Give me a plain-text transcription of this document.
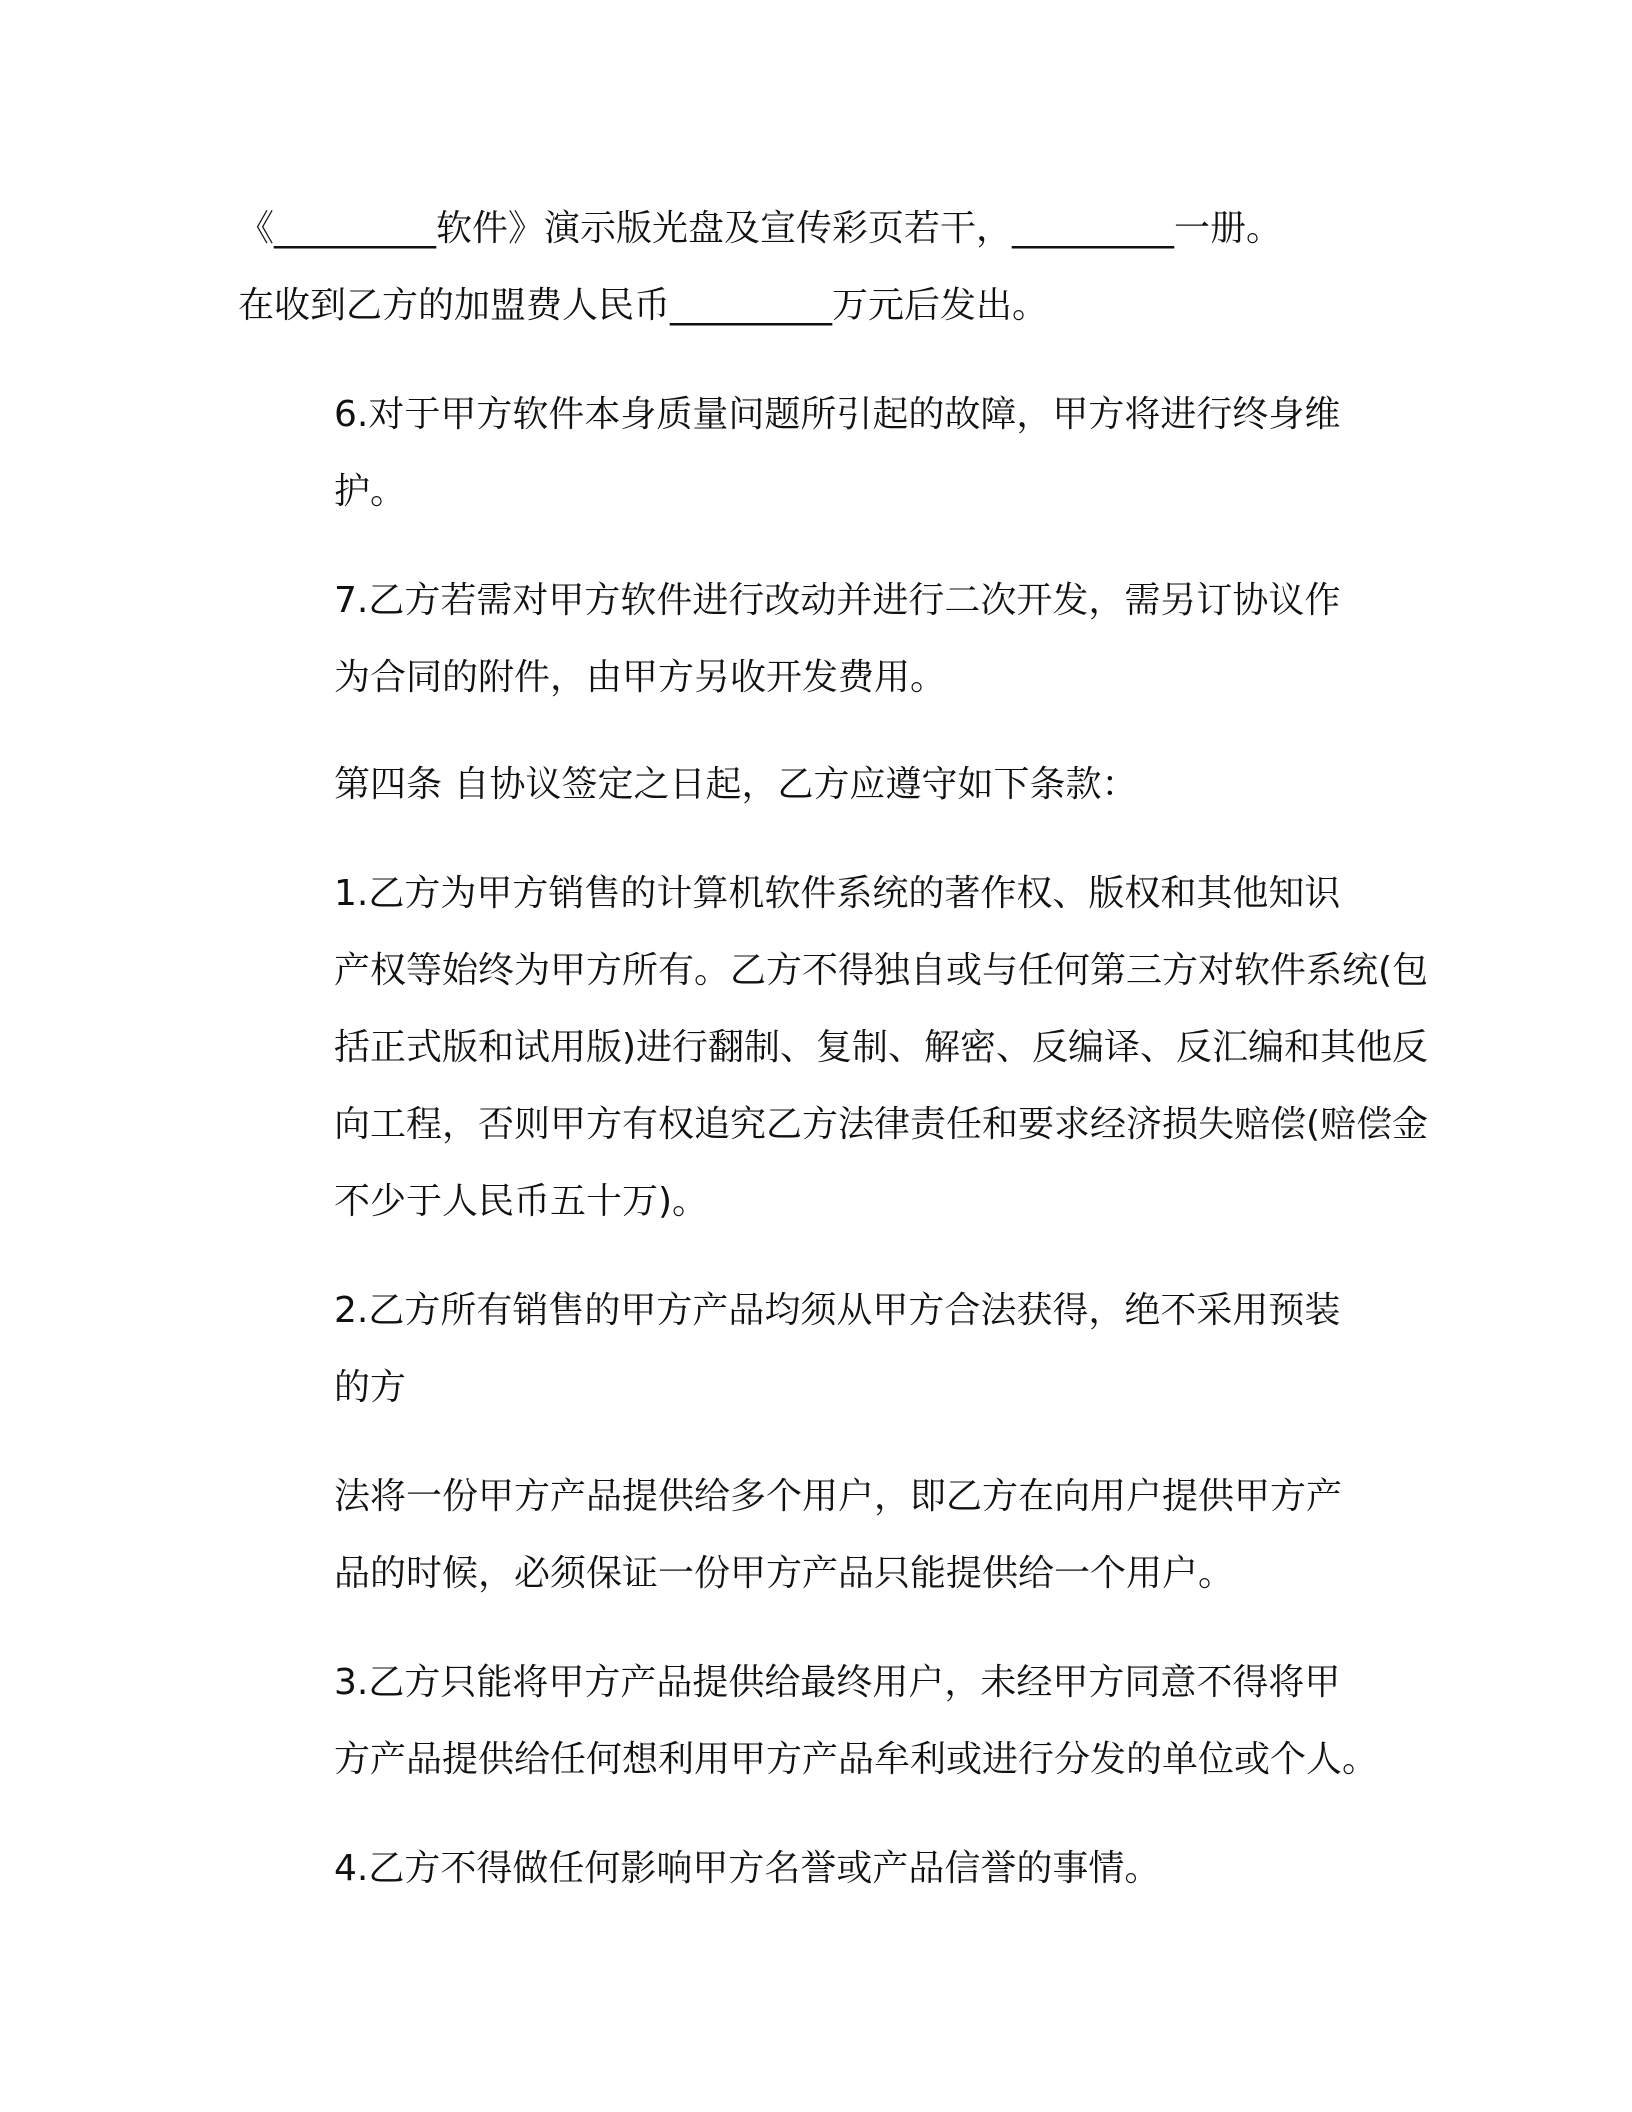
《_________软件》演示版光盘及宣传彩页若干，_________一册。
在收到乙方的加盟费人民币_________万元后发出。

6.对于甲方软件本身质量问题所引起的故障，甲方将进行终身维
护。

7.乙方若需对甲方软件进行改动并进行二次开发，需另订协议作
为合同的附件，由甲方另收开发费用。

第四条 自协议签定之日起，乙方应遵守如下条款：

1.乙方为甲方销售的计算机软件系统的著作权、版权和其他知识
产权等始终为甲方所有。乙方不得独自或与任何第三方对软件系统(包
括正式版和试用版)进行翻制、复制、解密、反编译、反汇编和其他反
向工程，否则甲方有权追究乙方法律责任和要求经济损失赔偿(赔偿金
不少于人民币五十万)。

2.乙方所有销售的甲方产品均须从甲方合法获得，绝不采用预装
的方

法将一份甲方产品提供给多个用户，即乙方在向用户提供甲方产
品的时候，必须保证一份甲方产品只能提供给一个用户。

3.乙方只能将甲方产品提供给最终用户，未经甲方同意不得将甲
方产品提供给任何想利用甲方产品牟利或进行分发的单位或个人。

4.乙方不得做任何影响甲方名誉或产品信誉的事情。
